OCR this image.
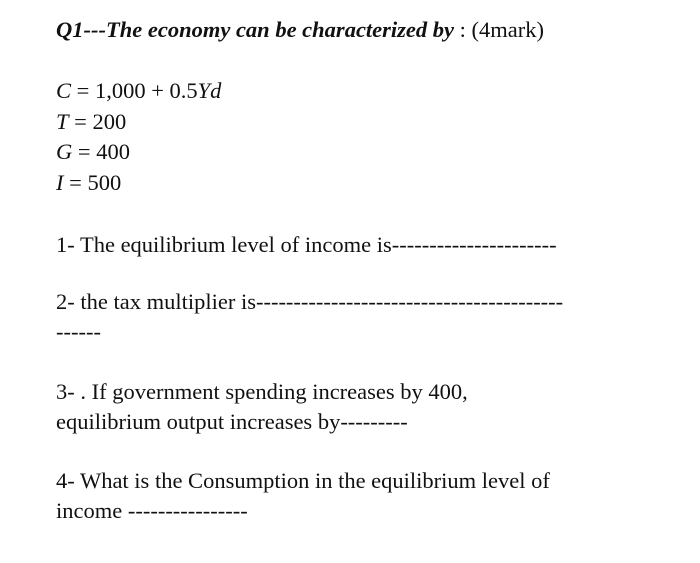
Q1---The economy can be characterized by : (4mark)

C = 1,000 + 0.5Yd
T = 200
G = 400
I = 500

1- The equilibrium level of income is----------------------

2- the tax multiplier is-----------------------------------------
------

3- . If government spending increases by 400,
equilibrium output increases by---------

4- What is the Consumption in the equilibrium level of
income ----------------
